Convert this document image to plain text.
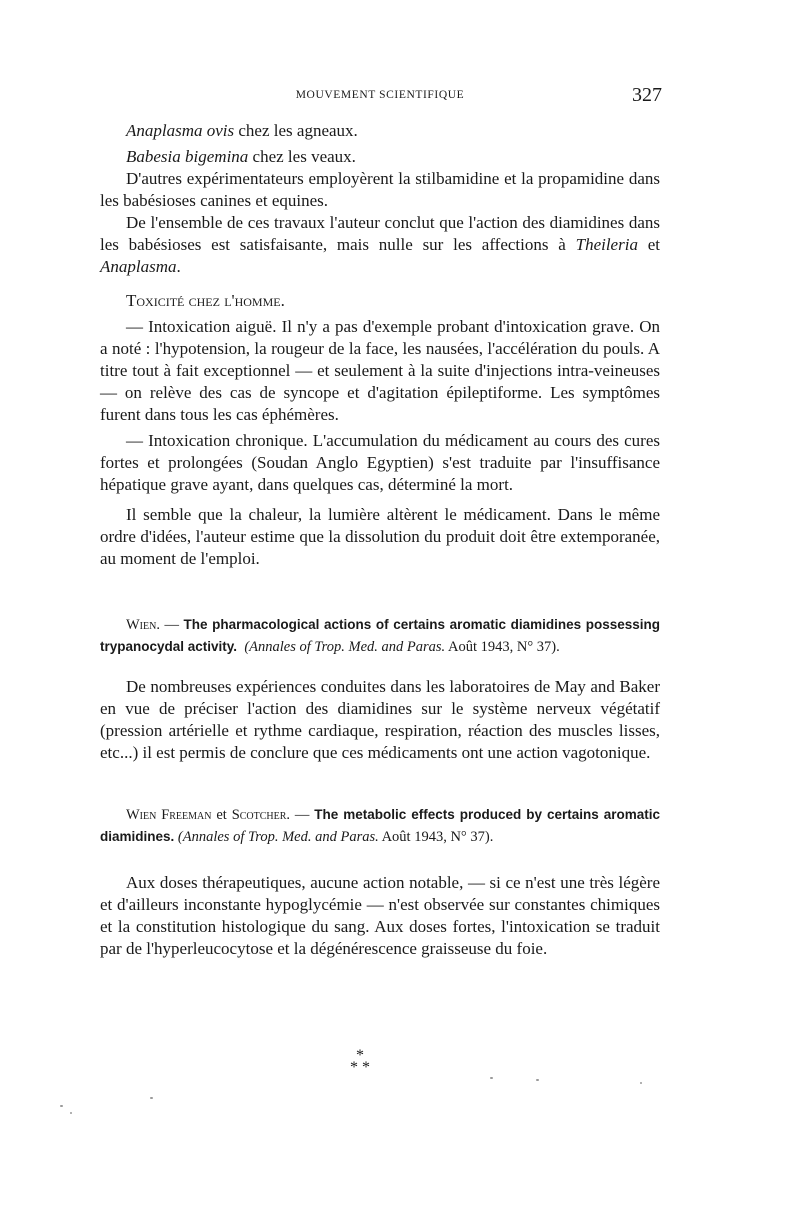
MOUVEMENT SCIENTIFIQUE	327

Anaplasma ovis chez les agneaux.

Babesia bigemina chez les veaux.

D'autres expérimentateurs employèrent la stilbamidine et la propamidine dans les babésioses canines et equines.

De l'ensemble de ces travaux l'auteur conclut que l'action des diamidines dans les babésioses est satisfaisante, mais nulle sur les affections à Theileria et Anaplasma.

Toxicité chez l'homme.

— Intoxication aiguë. Il n'y a pas d'exemple probant d'intoxication grave. On a noté : l'hypotension, la rougeur de la face, les nausées, l'accélération du pouls. A titre tout à fait exceptionnel — et seulement à la suite d'injections intra-veineuses — on relève des cas de syncope et d'agitation épileptiforme. Les symptômes furent dans tous les cas éphémères.

— Intoxication chronique. L'accumulation du médicament au cours des cures fortes et prolongées (Soudan Anglo Egyptien) s'est traduite par l'insuffisance hépatique grave ayant, dans quelques cas, déterminé la mort.

Il semble que la chaleur, la lumière altèrent le médicament. Dans le même ordre d'idées, l'auteur estime que la dissolution du produit doit être extemporanée, au moment de l'emploi.

Wien. — The pharmacological actions of certains aromatic diamidines possessing trypanocydal activity. (Annales of Trop. Med. and Paras. Août 1943, N° 37).

De nombreuses expériences conduites dans les laboratoires de May and Baker en vue de préciser l'action des diamidines sur le système nerveux végétatif (pression artérielle et rythme cardiaque, respiration, réaction des muscles lisses, etc...) il est permis de conclure que ces médicaments ont une action vagotonique.

Wien Freeman et Scotcher. — The metabolic effects produced by certains aromatic diamidines. (Annales of Trop. Med. and Paras. Août 1943, N° 37).

Aux doses thérapeutiques, aucune action notable, — si ce n'est une très légère et d'ailleurs inconstante hypoglycémie — n'est observée sur constantes chimiques et la constitution histologique du sang. Aux doses fortes, l'intoxication se traduit par de l'hyperleucocytose et la dégénérescence graisseuse du foie.

*
* *
